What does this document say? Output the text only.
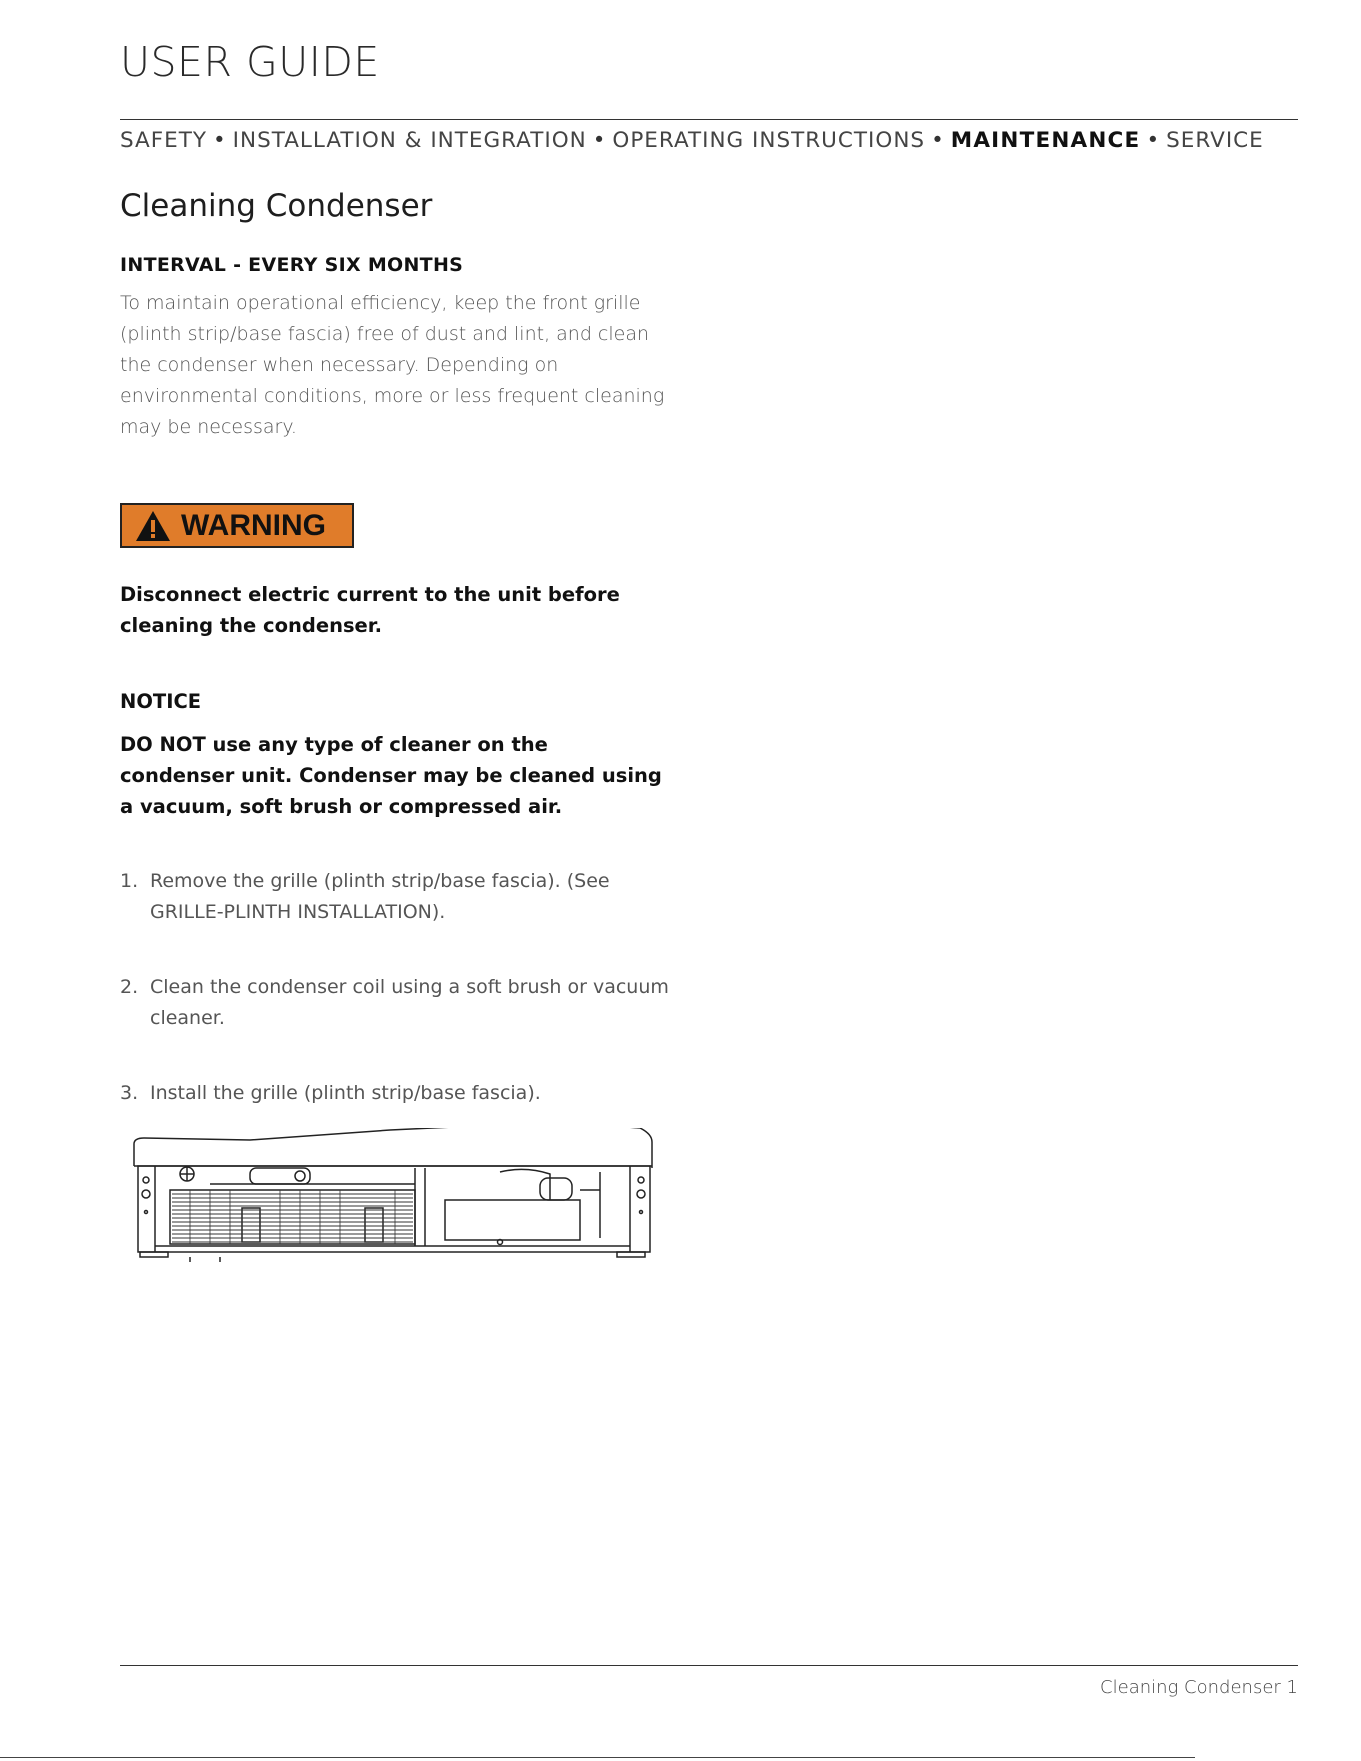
USER GUIDE
SAFETY • INSTALLATION & INTEGRATION • OPERATING INSTRUCTIONS • MAINTENANCE • SERVICE
Cleaning Condenser
INTERVAL - EVERY SIX MONTHS
To maintain operational efficiency, keep the front grille
(plinth strip/base fascia) free of dust and lint, and clean
the condenser when necessary. Depending on
environmental conditions, more or less frequent cleaning
may be necessary.
WARNING
Disconnect electric current to the unit before
cleaning the condenser.
NOTICE
DO NOT use any type of cleaner on the
condenser unit. Condenser may be cleaned using
a vacuum, soft brush or compressed air.
1. Remove the grille (plinth strip/base fascia). (See
GRILLE-PLINTH INSTALLATION).
2. Clean the condenser coil using a soft brush or vacuum
cleaner.
3. Install the grille (plinth strip/base fascia).
Cleaning Condenser 1
